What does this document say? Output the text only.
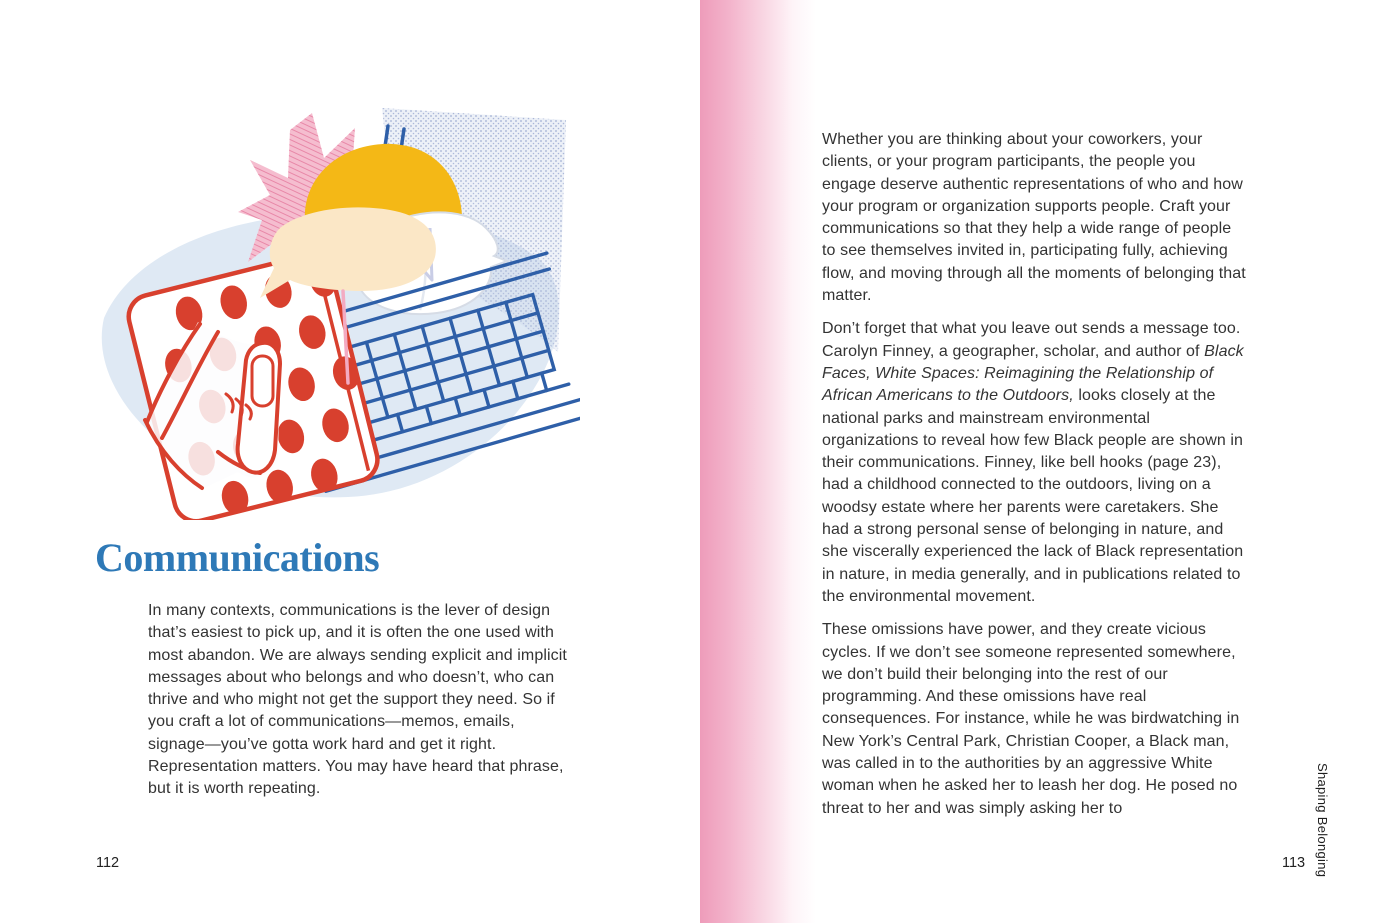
Communications

In many contexts, communications is the lever of design that’s easiest to pick up, and it is often the one used with most abandon. We are always sending explicit and implicit messages about who belongs and who doesn’t, who can thrive and who might not get the support they need. So if you craft a lot of communications—memos, emails, signage—you’ve gotta work hard and get it right. Representation matters. You may have heard that phrase, but it is worth repeating.

112

Whether you are thinking about your coworkers, your clients, or your program participants, the people you engage deserve authentic representations of who and how your program or organization supports people. Craft your communications so that they help a wide range of people to see themselves invited in, participating fully, achieving flow, and moving through all the moments of belonging that matter.

Don’t forget that what you leave out sends a message too. Carolyn Finney, a geographer, scholar, and author of Black Faces, White Spaces: Reimagining the Relationship of African Americans to the Outdoors, looks closely at the national parks and mainstream environmental organizations to reveal how few Black people are shown in their communications. Finney, like bell hooks (page 23), had a childhood connected to the outdoors, living on a woodsy estate where her parents were caretakers. She had a strong personal sense of belonging in nature, and she viscerally experienced the lack of Black representation in nature, in media generally, and in publications related to the environmental movement.

These omissions have power, and they create vicious cycles. If we don’t see someone represented somewhere, we don’t build their belonging into the rest of our programming. And these omissions have real consequences. For instance, while he was birdwatching in New York’s Central Park, Christian Cooper, a Black man, was called in to the authorities by an aggressive White woman when he asked her to leash her dog. He posed no threat to her and was simply asking her to	Shaping Belonging
113
